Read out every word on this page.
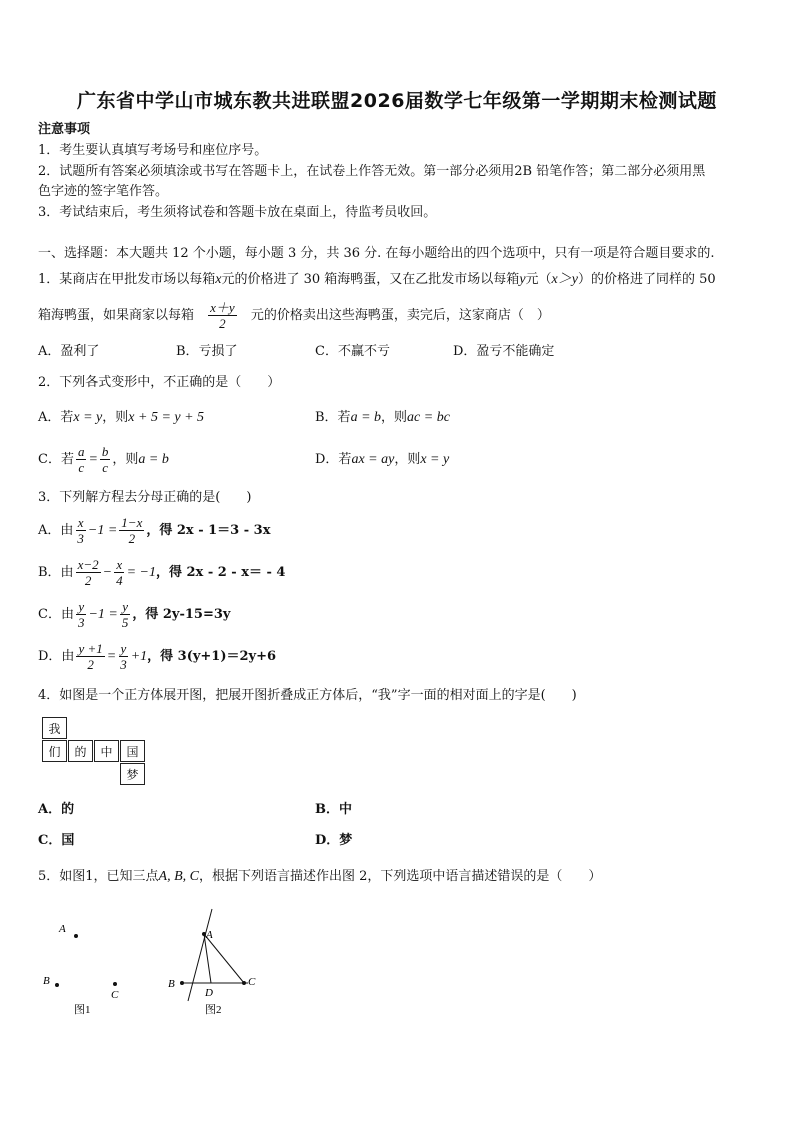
广东省中学山市城东教共进联盟2026届数学七年级第一学期期末检测试题
注意事项
1．考生要认真填写考场号和座位序号。
2．试题所有答案必须填涂或书写在答题卡上，在试卷上作答无效。第一部分必须用2B 铅笔作答；第二部分必须用黑
色字迹的签字笔作答。
3．考试结束后，考生须将试卷和答题卡放在桌面上，待监考员收回。
一、选择题：本大题共 12 个小题，每小题 3 分，共 36 分. 在每小题给出的四个选项中，只有一项是符合题目要求的.
1．某商店在甲批发市场以每箱x元的价格进了 30 箱海鸭蛋，又在乙批发市场以每箱y元（x＞y）的价格进了同样的 50
箱海鸭蛋，如果商家以每箱 $\frac{x+y}{2}$ 元的价格卖出这些海鸭蛋，卖完后，这家商店（　）
A．盈利了	B．亏损了	C．不赢不亏	D．盈亏不能确定
2．下列各式变形中，不正确的是（　　）
A．若x = y，则x + 5 = y + 5	B．若a = b，则ac = bc
C．若 $\frac{a}{c} = \frac{b}{c}$ ，则a = b	D．若ax = ay，则x = y
3．下列解方程去分母正确的是(　　)
A．由 $\frac{x}{3} -1 = \frac{1-x}{2}$ ，得 2x - 1＝3 - 3x
B．由 $\frac{x-2}{2} - \frac{x}{4} = -1$，得 2x - 2 - x＝ - 4
C．由 $\frac{y}{3} -1 = \frac{y}{5}$ ，得 2y-15=3y
D．由 $\frac{y +1}{2} = \frac{y}{3} +1$，得 3(y+1)＝2y+6
4．如图是一个正方体展开图，把展开图折叠成正方体后，“我”字一面的相对面上的字是(　　)
我
们	的	中	国
梦
A．的	B．中
C．国	D．梦
5．如图1，已知三点A, B, C，根据下列语言描述作出图 2，下列选项中语言描述错误的是（　　）
A
B
C
图1
A
B	C
D
图2
